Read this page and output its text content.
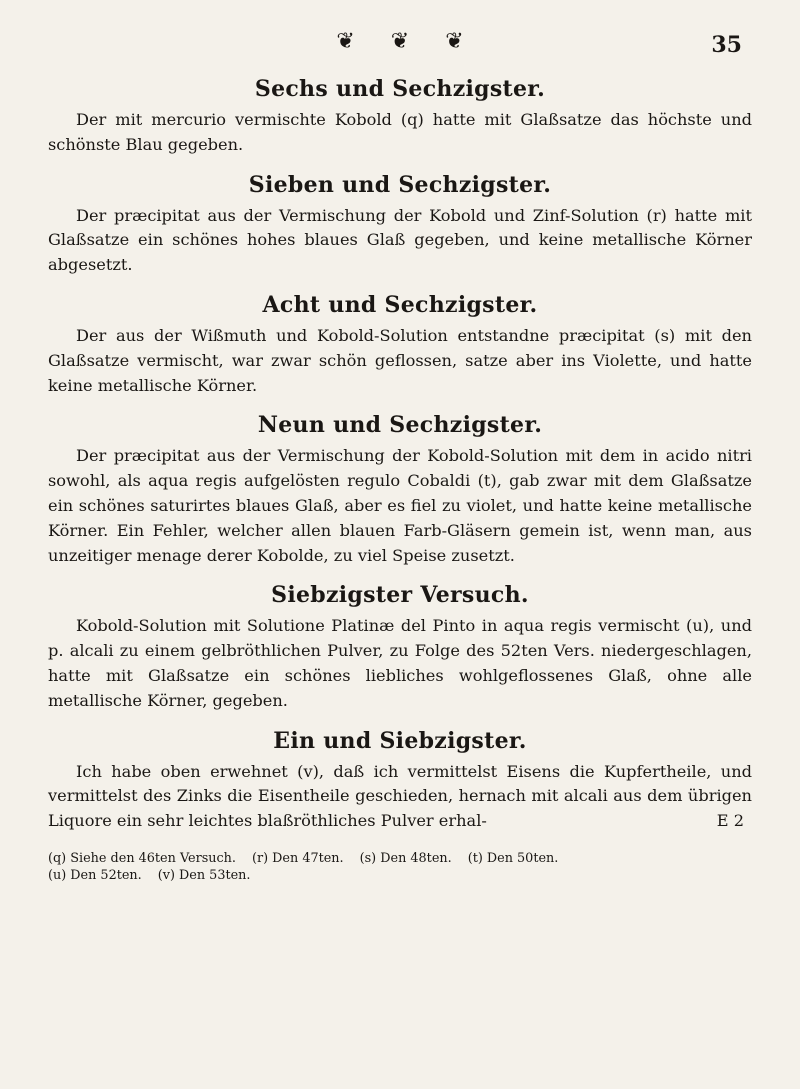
❦ ❦ ❦	35
Sechs und Sechzigster.

Der mit mercurio vermischte Kobold (q) hatte mit Glaßsatze das höchste und schönste Blau gegeben.

Sieben und Sechzigster.

Der præcipitat aus der Vermischung der Kobold und Zinf-Solution (r) hatte mit Glaßsatze ein schönes hohes blaues Glaß gegeben, und keine metallische Körner abgesetzt.

Acht und Sechzigster.

Der aus der Wißmuth und Kobold-Solution entstandne præcipitat (s) mit den Glaßsatze vermischt, war zwar schön geflossen, satze aber ins Violette, und hatte keine metallische Körner.

Neun und Sechzigster.

Der præcipitat aus der Vermischung der Kobold-Solution mit dem in acido nitri sowohl, als aqua regis aufgelösten regulo Cobaldi (t), gab zwar mit dem Glaßsatze ein schönes saturirtes blaues Glaß, aber es fiel zu violet, und hatte keine metallische Körner. Ein Fehler, welcher allen blauen Farb-Gläsern gemein ist, wenn man, aus unzeitiger menage derer Kobolde, zu viel Speise zusetzt.

Siebzigster Versuch.

Kobold-Solution mit Solutione Platinæ del Pinto in aqua regis vermischt (u), und p. alcali zu einem gelbröthlichen Pulver, zu Folge des 52ten Vers. niedergeschlagen, hatte mit Glaßsatze ein schönes liebliches wohlgeflossenes Glaß, ohne alle metallische Körner, gegeben.

Ein und Siebzigster.

Ich habe oben erwehnet (v), daß ich vermittelst Eisens die Kupfertheile, und vermittelst des Zinks die Eisentheile geschieden, hernach mit alcali aus dem übrigen Liquore ein sehr leichtes blaßröthliches Pulver erhal-	E 2

(q) Siehe den 46ten Versuch. (r) Den 47ten. (s) Den 48ten. (t) Den 50ten.
(u) Den 52ten. (v) Den 53ten.
